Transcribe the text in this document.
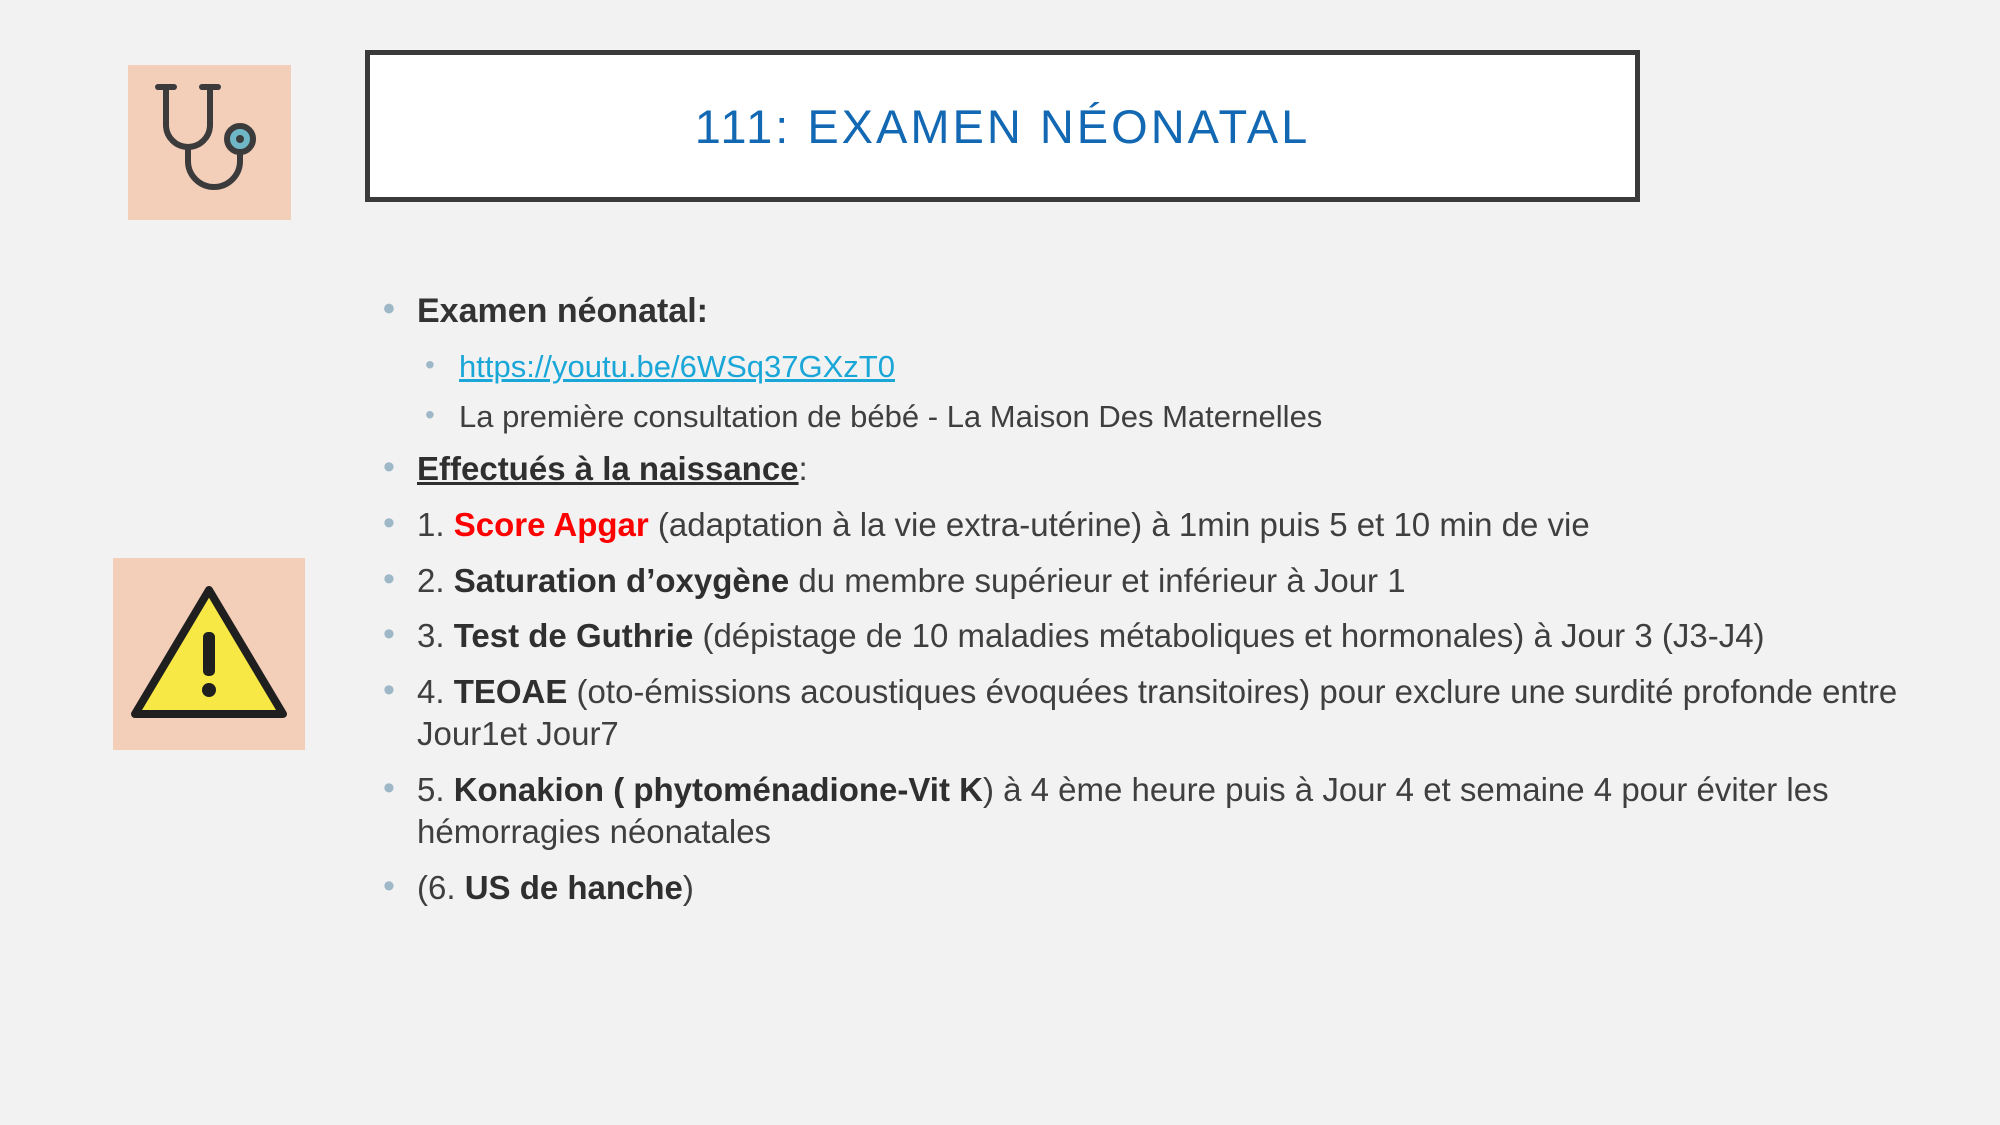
111: EXAMEN NÉONATAL
• Examen néonatal:
• https://youtu.be/6WSq37GXzT0
• La première consultation de bébé - La Maison Des Maternelles
• Effectués à la naissance:
• 1. Score Apgar (adaptation à la vie extra-utérine) à 1min puis 5 et 10 min de vie
• 2. Saturation d’oxygène du membre supérieur et inférieur à Jour 1
• 3. Test de Guthrie (dépistage de 10 maladies métaboliques et hormonales) à Jour 3 (J3-J4)
• 4. TEOAE (oto-émissions acoustiques évoquées transitoires) pour exclure une surdité profonde entre Jour1et Jour7
• 5. Konakion ( phytoménadione-Vit K) à 4 ème heure puis à Jour 4 et semaine 4 pour éviter les hémorragies néonatales
• (6. US de hanche)
